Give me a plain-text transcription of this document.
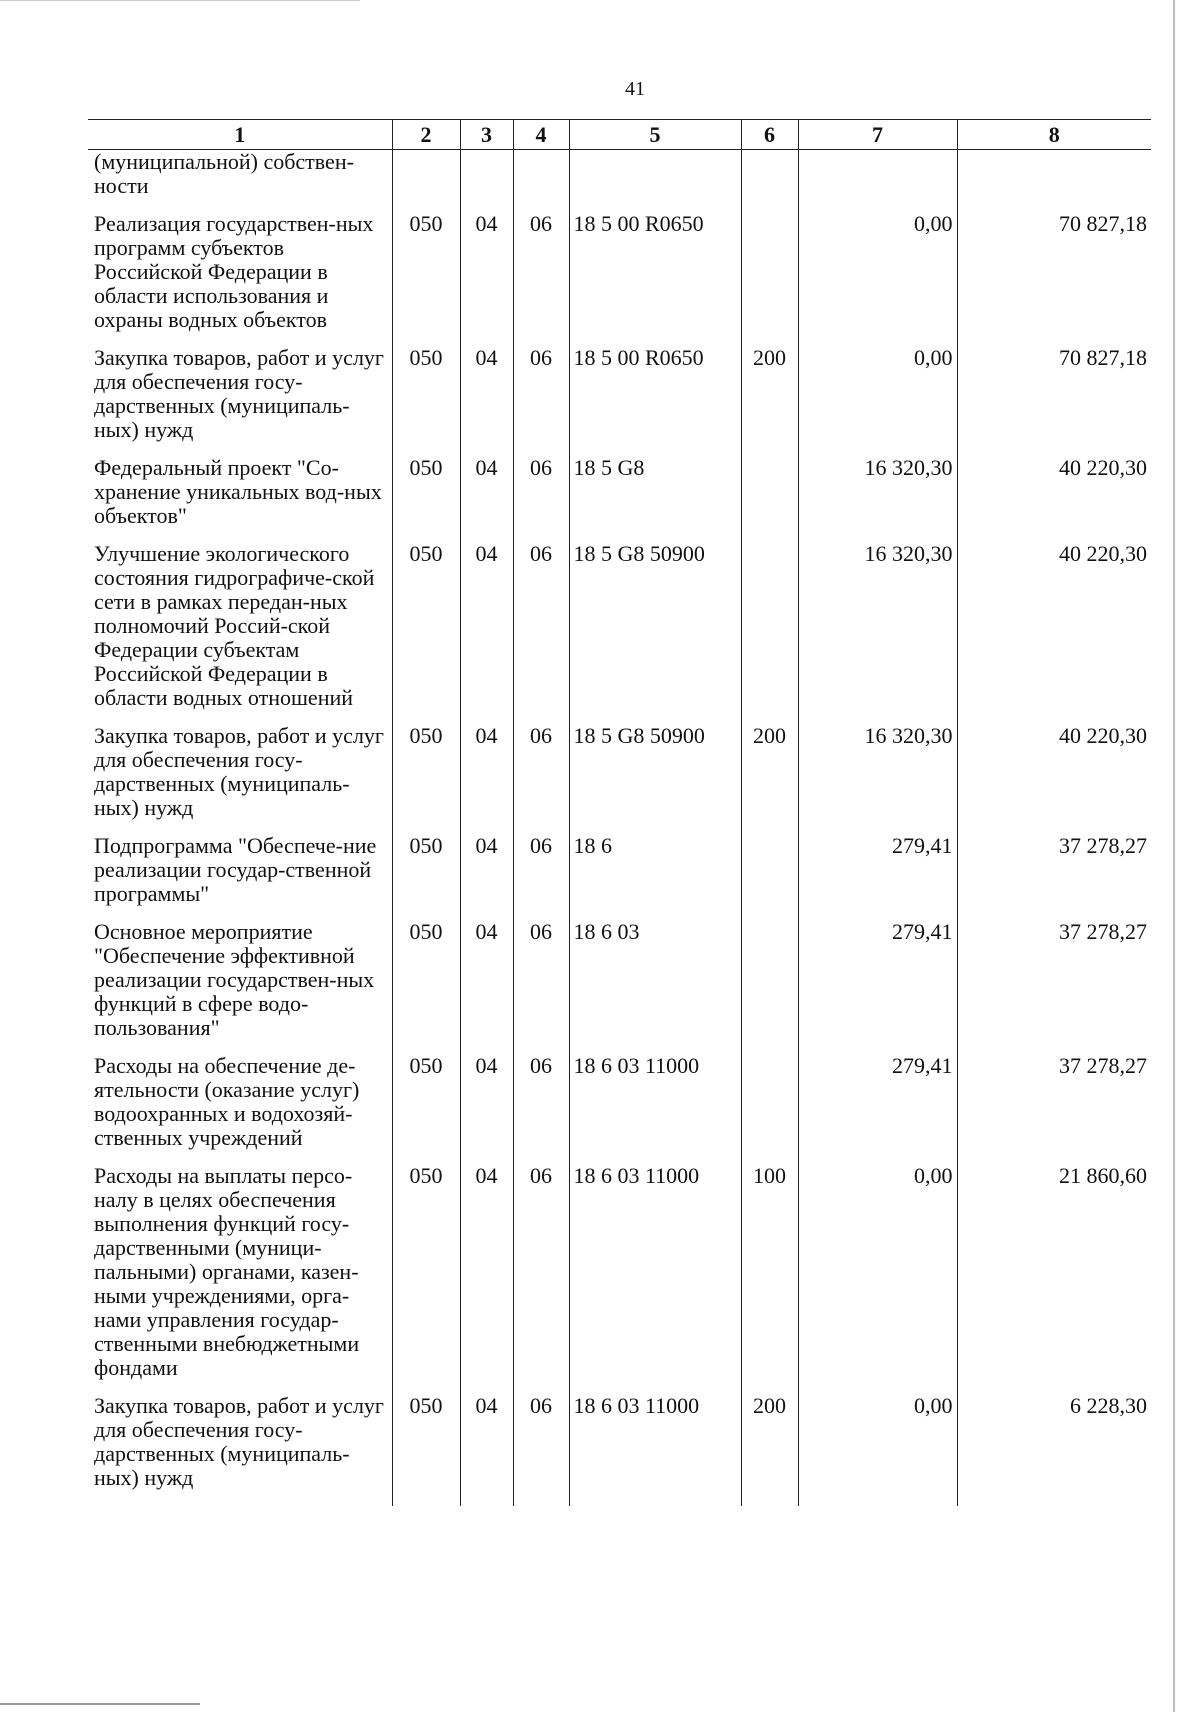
41
1	2	3	4	5	6	7	8
(муниципальной) собствен-ности							
Реализация государствен-ных программ субъектов Российской Федерации в области использования и охраны водных объектов	050	04	06	18 5 00 R0650		0,00	70 827,18
Закупка товаров, работ и услуг для обеспечения госу-дарственных (муниципаль-ных) нужд	050	04	06	18 5 00 R0650	200	0,00	70 827,18
Федеральный проект "Со-хранение уникальных вод-ных объектов"	050	04	06	18 5 G8		16 320,30	40 220,30
Улучшение экологического состояния гидрографиче-ской сети в рамках передан-ных полномочий Россий-ской Федерации субъектам Российской Федерации в области водных отношений	050	04	06	18 5 G8 50900		16 320,30	40 220,30
Закупка товаров, работ и услуг для обеспечения госу-дарственных (муниципаль-ных) нужд	050	04	06	18 5 G8 50900	200	16 320,30	40 220,30
Подпрограмма "Обеспече-ние реализации государ-ственной программы"	050	04	06	18 6		279,41	37 278,27
Основное мероприятие "Обеспечение эффективной реализации государствен-ных функций в сфере водо-пользования"	050	04	06	18 6 03		279,41	37 278,27
Расходы на обеспечение де-ятельности (оказание услуг) водоохранных и водохозяй-ственных учреждений	050	04	06	18 6 03 11000		279,41	37 278,27
Расходы на выплаты персо-налу в целях обеспечения выполнения функций госу-дарственными (муници-пальными) органами, казен-ными учреждениями, орга-нами управления государ-ственными внебюджетными фондами	050	04	06	18 6 03 11000	100	0,00	21 860,60
Закупка товаров, работ и услуг для обеспечения госу-дарственных (муниципаль-ных) нужд	050	04	06	18 6 03 11000	200	0,00	6 228,30
